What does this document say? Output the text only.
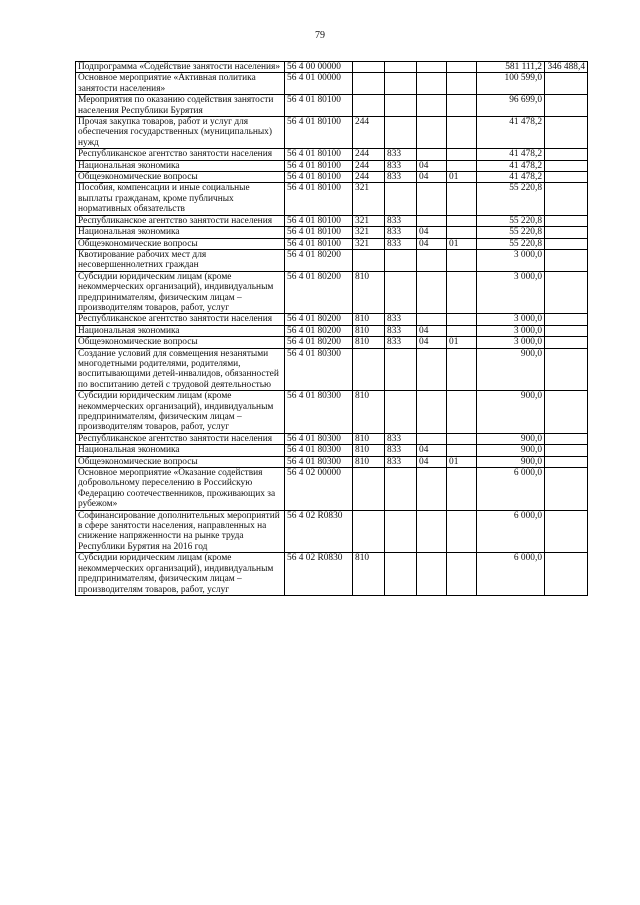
79
Подпрограмма «Содействие занятости населения»	56 4 00 00000					581 111,2	346 488,4
Основное мероприятие «Активная политика занятости населения»	56 4 01 00000					100 599,0	
Мероприятия по оказанию содействия занятости населения Республики Бурятия	56 4 01 80100					96 699,0	
Прочая закупка товаров, работ и услуг для обеспечения государственных (муниципальных) нужд	56 4 01 80100	244				41 478,2	
Республиканское агентство занятости населения	56 4 01 80100	244	833			41 478,2	
Национальная экономика	56 4 01 80100	244	833	04		41 478,2	
Общеэкономические вопросы	56 4 01 80100	244	833	04	01	41 478,2	
Пособия, компенсации и иные социальные выплаты гражданам, кроме публичных нормативных обязательств	56 4 01 80100	321				55 220,8	
Республиканское агентство занятости населения	56 4 01 80100	321	833			55 220,8	
Национальная экономика	56 4 01 80100	321	833	04		55 220,8	
Общеэкономические вопросы	56 4 01 80100	321	833	04	01	55 220,8	
Квотирование рабочих мест для несовершеннолетних граждан	56 4 01 80200					3 000,0	
Субсидии юридическим лицам (кроме некоммерческих организаций), индивидуальным предпринимателям, физическим лицам – производителям товаров, работ, услуг	56 4 01 80200	810				3 000,0	
Республиканское агентство занятости населения	56 4 01 80200	810	833			3 000,0	
Национальная экономика	56 4 01 80200	810	833	04		3 000,0	
Общеэкономические вопросы	56 4 01 80200	810	833	04	01	3 000,0	
Создание условий для совмещения незанятыми многодетными родителями, родителями, воспитывающими детей-инвалидов, обязанностей по воспитанию детей с трудовой деятельностью	56 4 01 80300					900,0	
Субсидии юридическим лицам (кроме некоммерческих организаций), индивидуальным предпринимателям, физическим лицам – производителям товаров, работ, услуг	56 4 01 80300	810				900,0	
Республиканское агентство занятости населения	56 4 01 80300	810	833			900,0	
Национальная экономика	56 4 01 80300	810	833	04		900,0	
Общеэкономические вопросы	56 4 01 80300	810	833	04	01	900,0	
Основное мероприятие «Оказание содействия добровольному переселению в Российскую Федерацию соотечественников, проживающих за рубежом»	56 4 02 00000					6 000,0	
Софинансирование дополнительных мероприятий в сфере занятости населения, направленных на снижение напряженности на рынке труда Республики Бурятия на 2016 год	56 4 02 R0830					6 000,0	
Субсидии юридическим лицам (кроме некоммерческих организаций), индивидуальным предпринимателям, физическим лицам – производителям товаров, работ, услуг	56 4 02 R0830	810				6 000,0	
